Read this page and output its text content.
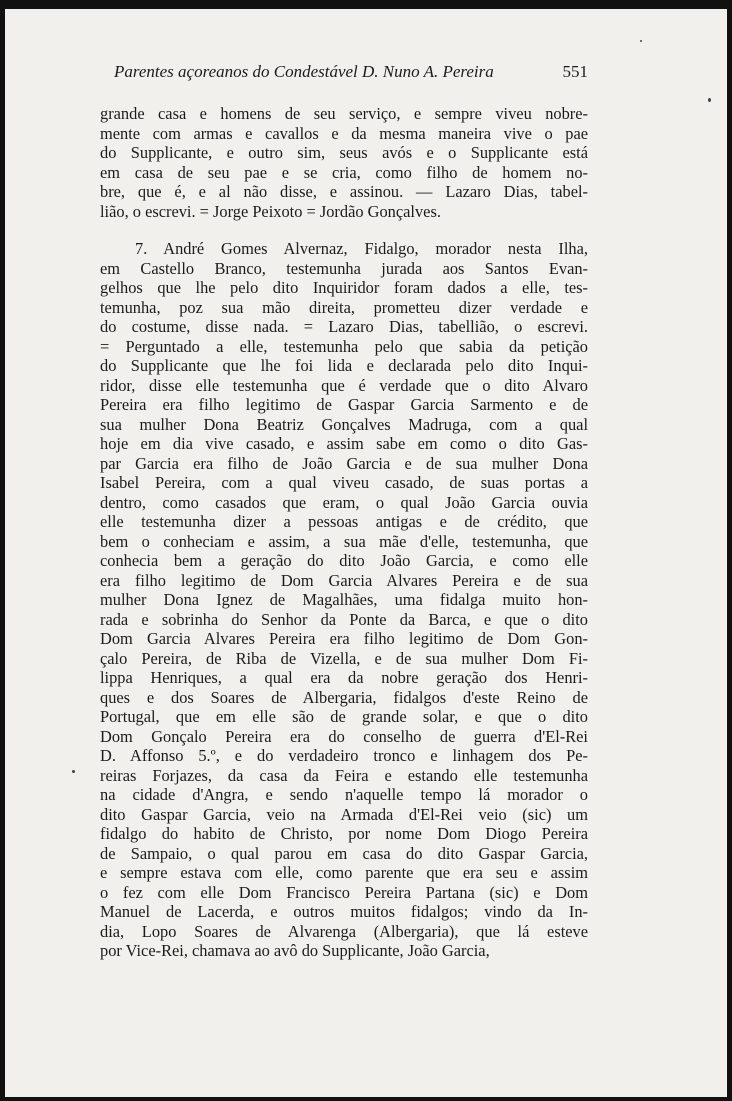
Parentes açoreanos do Condestável D. Nuno A. Pereira	551
grande casa e homens de seu serviço, e sempre viveu nobre-
mente com armas e cavallos e da mesma maneira vive o pae
do Supplicante, e outro sim, seus avós e o Supplicante está
em casa de seu pae e se cria, como filho de homem no-
bre, que é, e al não disse, e assinou. — Lazaro Dias, tabel-
lião, o escrevi. = Jorge Peixoto = Jordão Gonçalves.
7. André Gomes Alvernaz, Fidalgo, morador nesta Ilha,
em Castello Branco, testemunha jurada aos Santos Evan-
gelhos que lhe pelo dito Inquiridor foram dados a elle, tes-
temunha, poz sua mão direita, prometteu dizer verdade e
do costume, disse nada. = Lazaro Dias, tabellião, o escrevi.
= Perguntado a elle, testemunha pelo que sabia da petição
do Supplicante que lhe foi lida e declarada pelo dito Inqui-
ridor, disse elle testemunha que é verdade que o dito Alvaro
Pereira era filho legitimo de Gaspar Garcia Sarmento e de
sua mulher Dona Beatriz Gonçalves Madruga, com a qual
hoje em dia vive casado, e assim sabe em como o dito Gas-
par Garcia era filho de João Garcia e de sua mulher Dona
Isabel Pereira, com a qual viveu casado, de suas portas a
dentro, como casados que eram, o qual João Garcia ouvia
elle testemunha dizer a pessoas antigas e de crédito, que
bem o conheciam e assim, a sua mãe d'elle, testemunha, que
conhecia bem a geração do dito João Garcia, e como elle
era filho legitimo de Dom Garcia Alvares Pereira e de sua
mulher Dona Ignez de Magalhães, uma fidalga muito hon-
rada e sobrinha do Senhor da Ponte da Barca, e que o dito
Dom Garcia Alvares Pereira era filho legitimo de Dom Gon-
çalo Pereira, de Riba de Vizella, e de sua mulher Dom Fi-
lippa Henriques, a qual era da nobre geração dos Henri-
ques e dos Soares de Albergaria, fidalgos d'este Reino de
Portugal, que em elle são de grande solar, e que o dito
Dom Gonçalo Pereira era do conselho de guerra d'El-Rei
D. Affonso 5.º, e do verdadeiro tronco e linhagem dos Pe-
reiras Forjazes, da casa da Feira e estando elle testemunha
na cidade d'Angra, e sendo n'aquelle tempo lá morador o
dito Gaspar Garcia, veio na Armada d'El-Rei veio (sic) um
fidalgo do habito de Christo, por nome Dom Diogo Pereira
de Sampaio, o qual parou em casa do dito Gaspar Garcia,
e sempre estava com elle, como parente que era seu e assim
o fez com elle Dom Francisco Pereira Partana (sic) e Dom
Manuel de Lacerda, e outros muitos fidalgos; vindo da In-
dia, Lopo Soares de Alvarenga (Albergaria), que lá esteve
por Vice-Rei, chamava ao avô do Supplicante, João Garcia,
